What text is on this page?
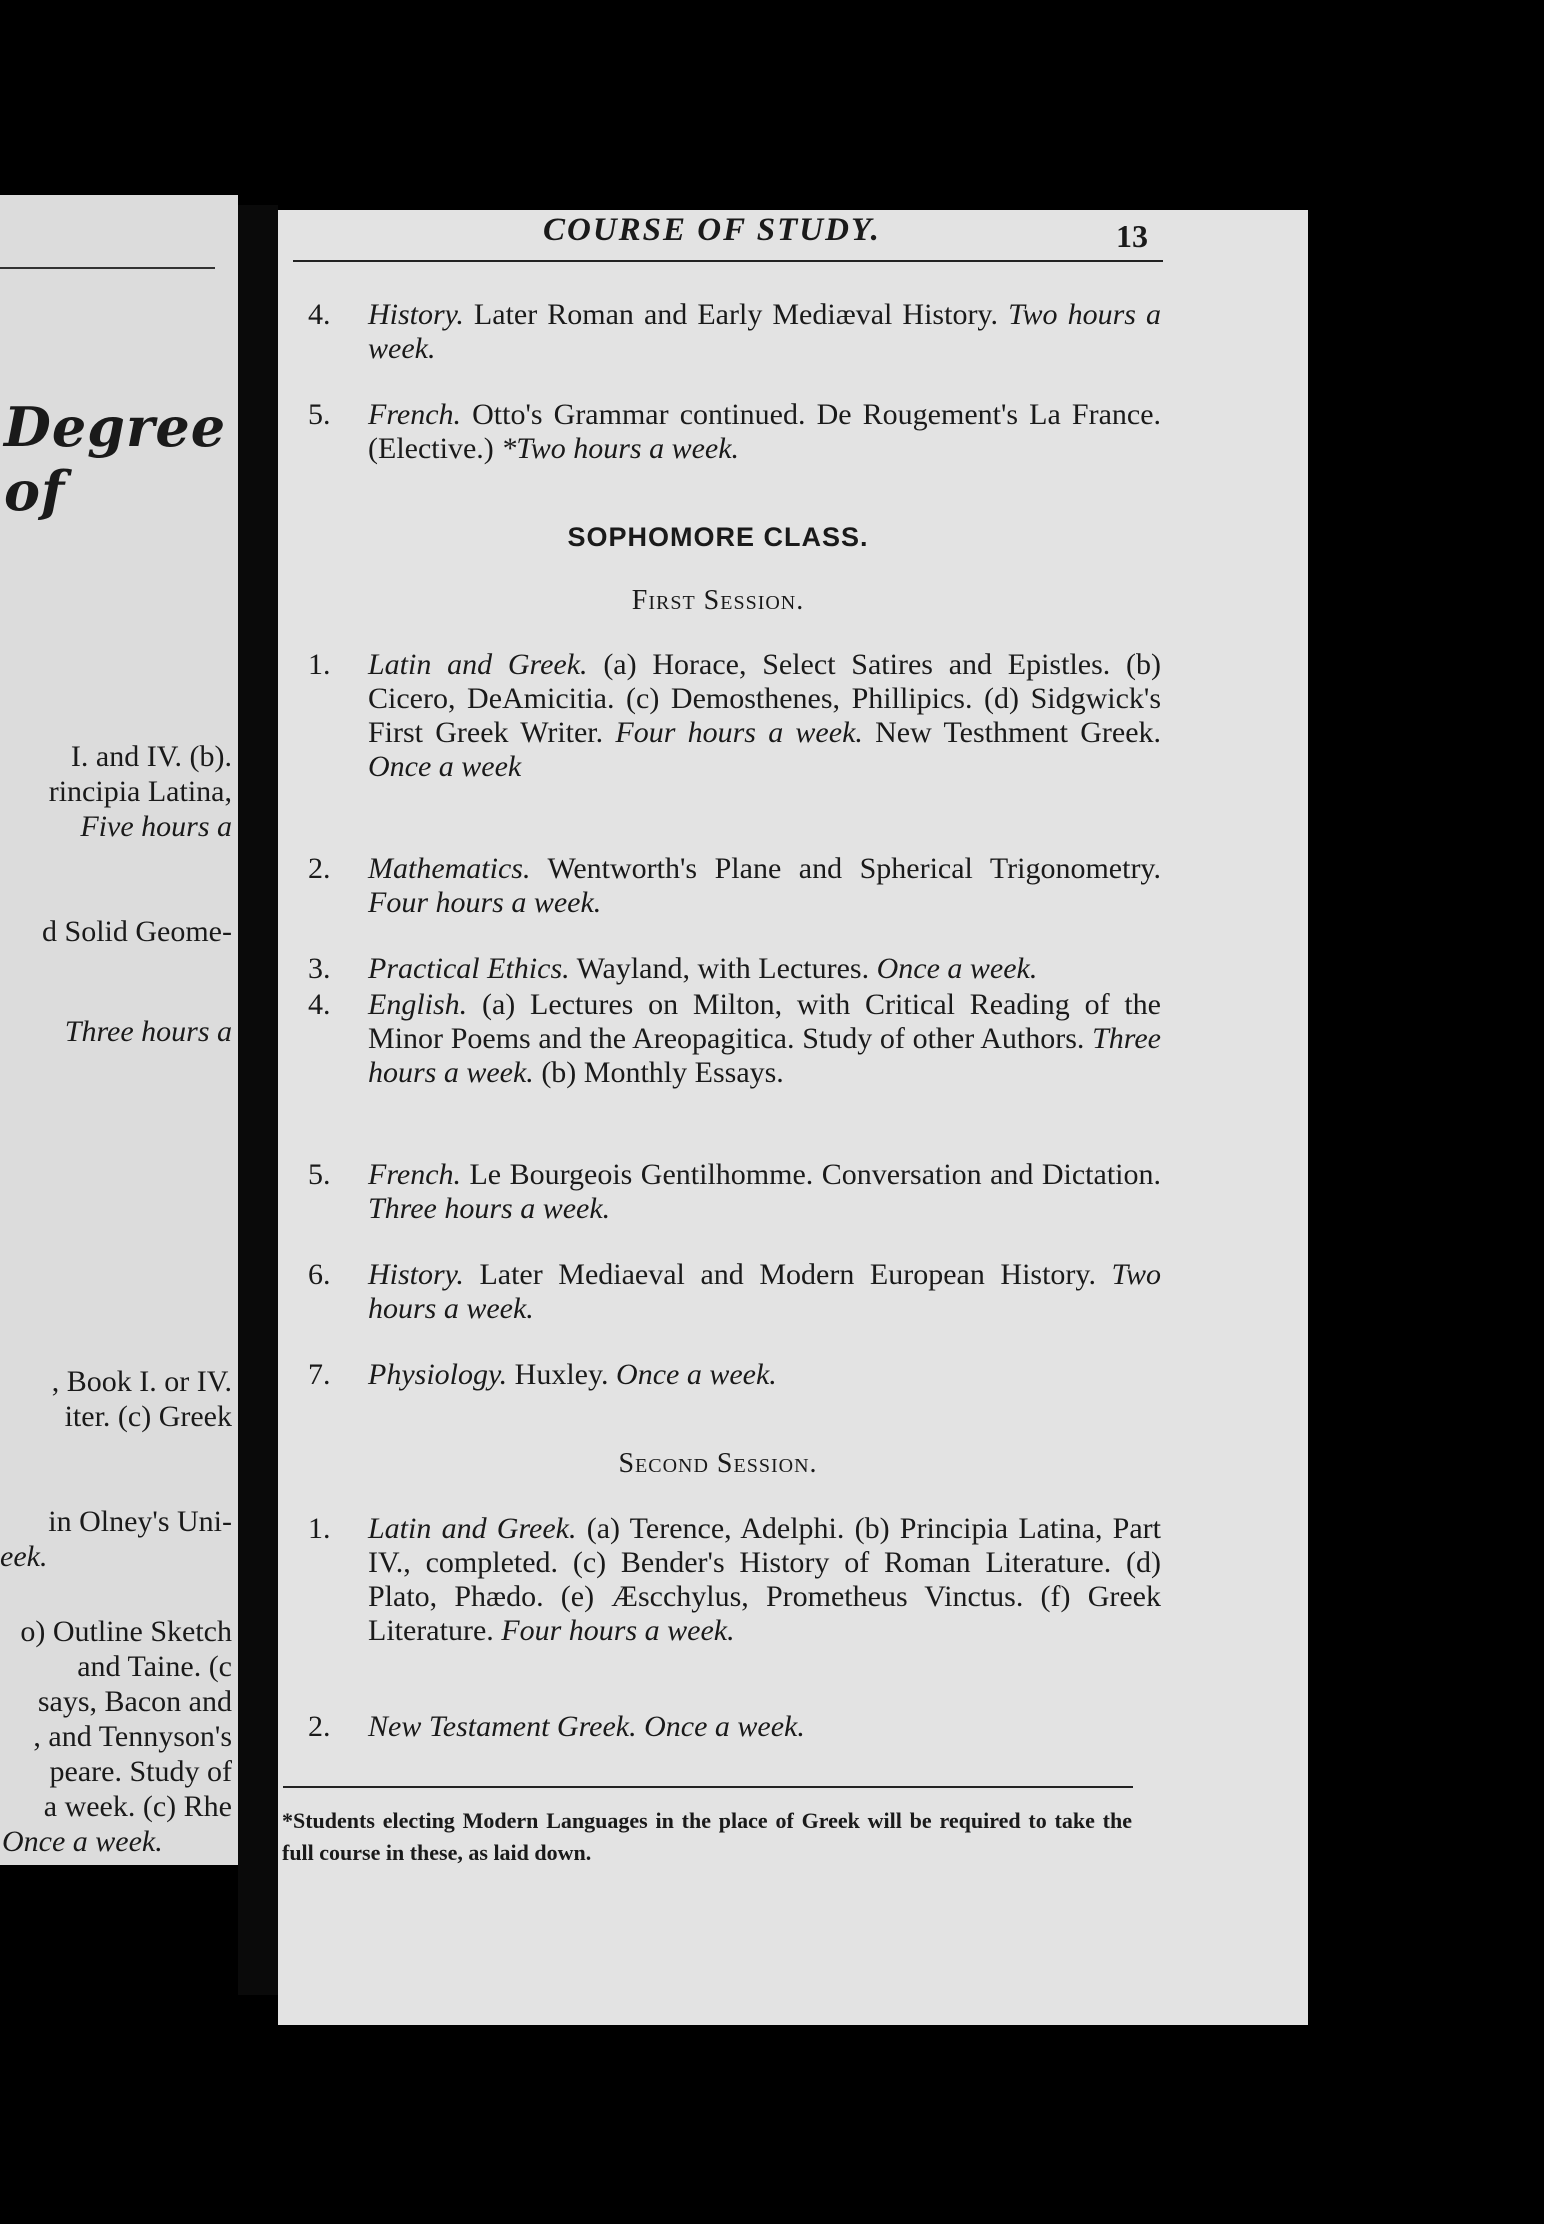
Degree of
I. and IV. (b).
rincipia Latina,
Five hours a
d Solid Geome-
Three hours a
, Book I. or IV.
iter. (c) Greek
in Olney's Uni-
eek.
o) Outline Sketch
and Taine. (c
says, Bacon and
, and Tennyson's
peare. Study of
a week. (c) Rhe
Once a week.
COURSE OF STUDY.	13
4.	History. Later Roman and Early Mediæval History. Two hours a week.
5.	French. Otto's Grammar continued. De Rougement's La France. (Elective.) *Two hours a week.
SOPHOMORE CLASS.
First Session.
1.	Latin and Greek. (a) Horace, Select Satires and Epistles. (b) Cicero, DeAmicitia. (c) Demosthenes, Phillipics. (d) Sidgwick's First Greek Writer. Four hours a week. New Testhment Greek. Once a week
2.	Mathematics. Wentworth's Plane and Spherical Trigonometry. Four hours a week.
3.	Practical Ethics. Wayland, with Lectures. Once a week.
4.	English. (a) Lectures on Milton, with Critical Reading of the Minor Poems and the Areopagitica. Study of other Authors. Three hours a week. (b) Monthly Essays.
5.	French. Le Bourgeois Gentilhomme. Conversation and Dictation. Three hours a week.
6.	History. Later Mediaeval and Modern European History. Two hours a week.
7.	Physiology. Huxley. Once a week.
Second Session.
1.	Latin and Greek. (a) Terence, Adelphi. (b) Principia Latina, Part IV., completed. (c) Bender's History of Roman Literature. (d) Plato, Phædo. (e) Æscchylus, Prometheus Vinctus. (f) Greek Literature. Four hours a week.
2.	New Testament Greek. Once a week.
*Students electing Modern Languages in the place of Greek will be required to take the full course in these, as laid down.
